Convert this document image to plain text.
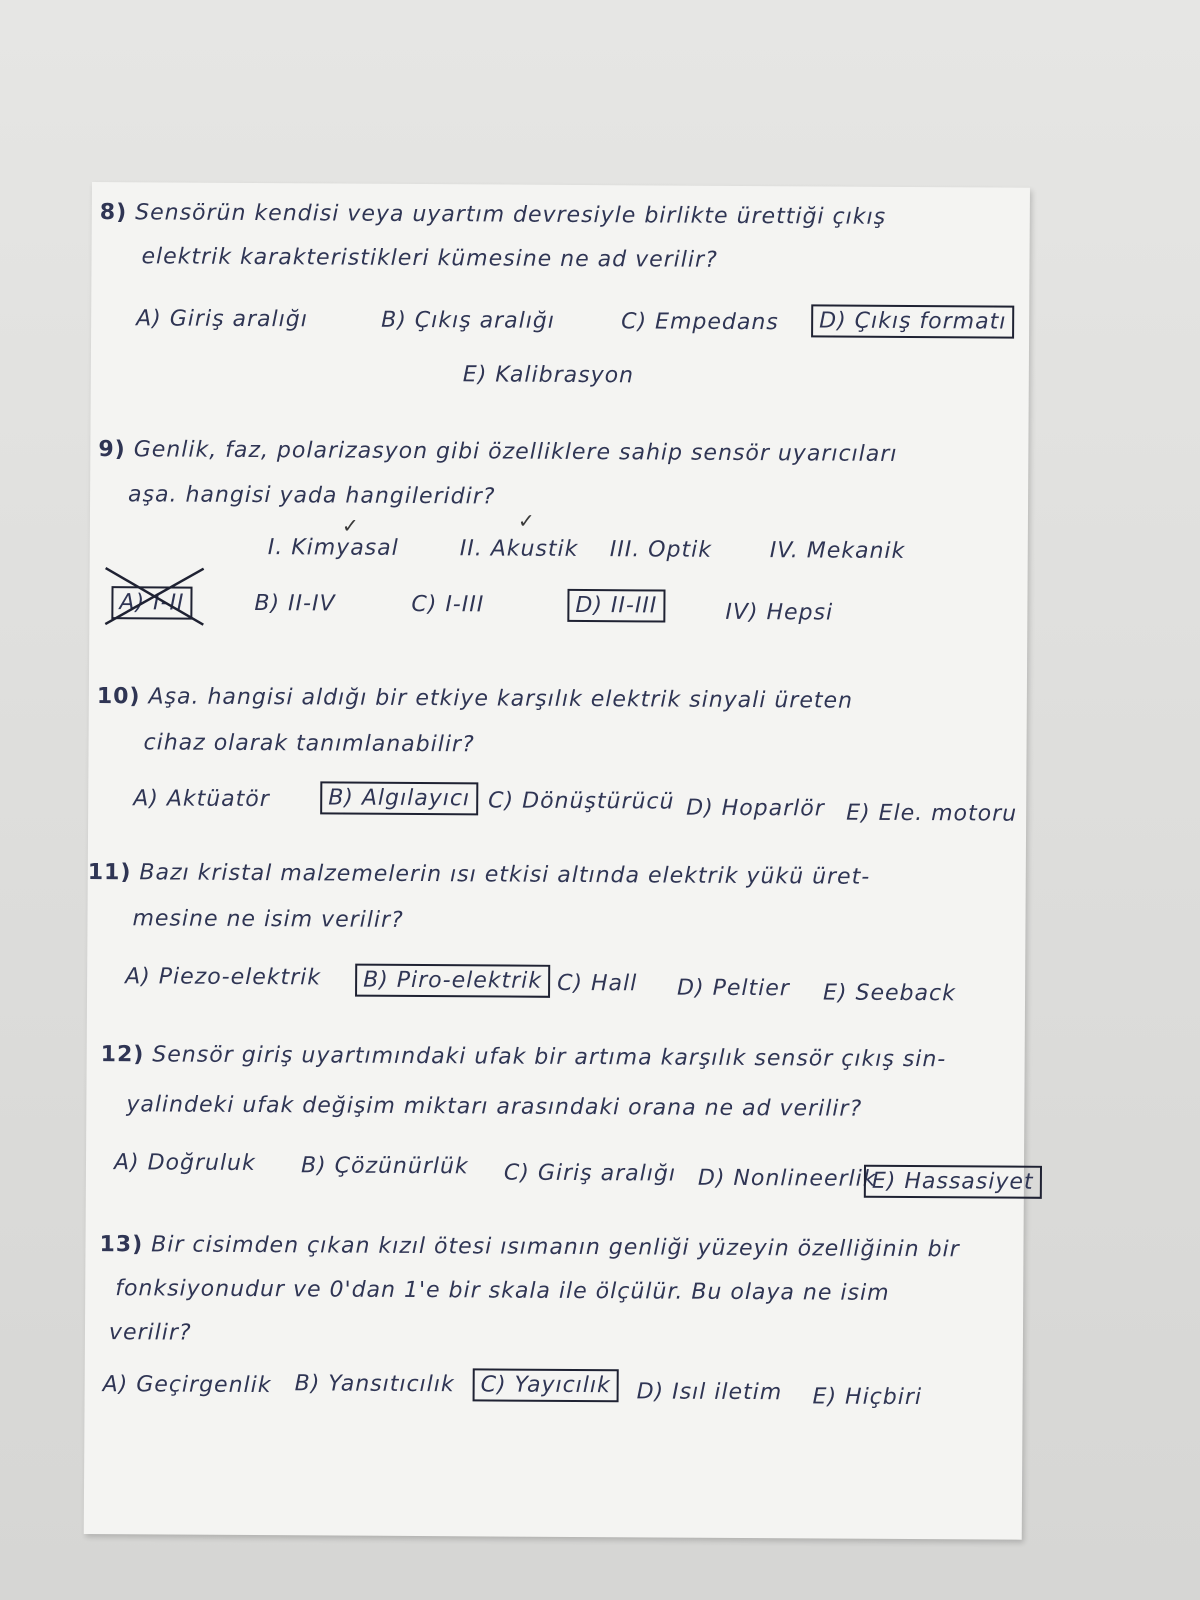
8) Sensörün kendisi veya uyartım devresiyle birlikte ürettiği çıkış
elektrik karakteristikleri kümesine ne ad verilir?
A) Giriş aralığı	B) Çıkış aralığı	C) Empedans	D) Çıkış formatı
E) Kalibrasyon
9) Genlik, faz, polarizasyon gibi özelliklere sahip sensör uyarıcıları
aşa. hangisi yada hangileridir?
✓	✓
I. Kimyasal	II. Akustik III. Optik	IV. Mekanik
A) I-II	B) II-IV	C) I-III	D) II-III	IV) Hepsi
10) Aşa. hangisi aldığı bir etkiye karşılık elektrik sinyali üreten
cihaz olarak tanımlanabilir?
A) Aktüatör	B) Algılayıcı C) Dönüştürücü D) Hoparlör E) Ele. motoru
11) Bazı kristal malzemelerin ısı etkisi altında elektrik yükü üret-
mesine ne isim verilir?
A) Piezo-elektrik	B) Piro-elektrik C) Hall D) Peltier E) Seeback
12) Sensör giriş uyartımındaki ufak bir artıma karşılık sensör çıkış sin-
yalindeki ufak değişim miktarı arasındaki orana ne ad verilir?
A) Doğruluk B) Çözünürlük C) Giriş aralığı D) Nonlineerlik
E) Hassasiyet
13) Bir cisimden çıkan kızıl ötesi ısımanın genliği yüzeyin özelliğinin bir
fonksiyonudur ve 0'dan 1'e bir skala ile ölçülür. Bu olaya ne isim
verilir?
A) Geçirgenlik B) Yansıtıcılık	C) Yayıcılık	D) Isıl iletim E) Hiçbiri
